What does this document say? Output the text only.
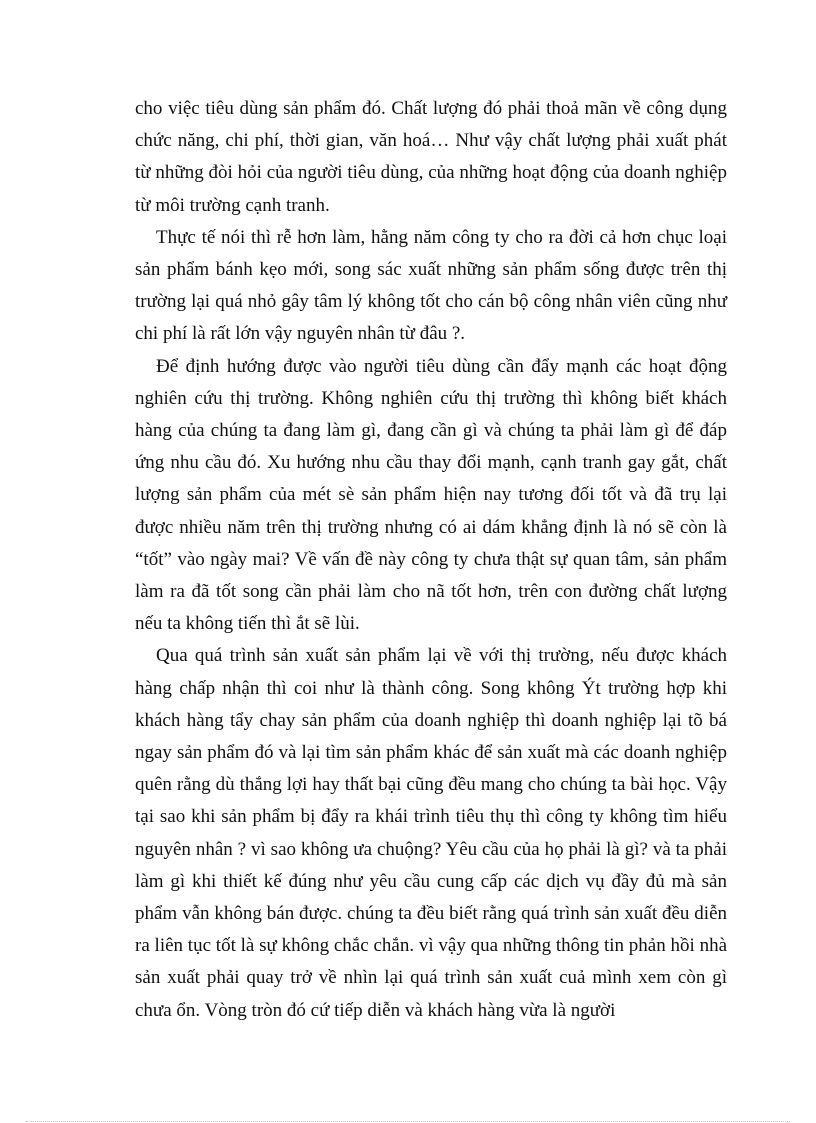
cho việc tiêu dùng sản phẩm đó. Chất lượng đó phải thoả mãn về công dụng chức năng, chi phí, thời gian, văn hoá… Như vậy chất lượng phải xuất phát từ những đòi hỏi của người tiêu dùng, của những hoạt động của doanh nghiệp từ môi trường cạnh tranh.

Thực tế nói thì rễ hơn làm, hằng năm công ty cho ra đời cả hơn chục loại sản phẩm bánh kẹo mới, song sác xuất những sản phẩm sống được trên thị trường lại quá nhỏ gây tâm lý không tốt cho cán bộ công nhân viên cũng như chi phí là rất lớn vậy nguyên nhân từ đâu ?.

Để định hướng được vào người tiêu dùng cần đẩy mạnh các hoạt động nghiên cứu thị trường. Không nghiên cứu thị trường thì không biết khách hàng của chúng ta đang làm gì, đang cần gì và chúng ta phải làm gì để đáp ứng nhu cầu đó. Xu hướng nhu cầu thay đổi mạnh, cạnh tranh gay gắt, chất lượng sản phẩm của mét sè sản phẩm hiện nay tương đối tốt và đã trụ lại được nhiều năm trên thị trường nhưng có ai dám khẳng định là nó sẽ còn là “tốt” vào ngày mai? Về vấn đề này công ty chưa thật sự quan tâm, sản phẩm làm ra đã tốt song cần phải làm cho nã tốt hơn, trên con đường chất lượng nếu ta không tiến thì ắt sẽ lùi.

Qua quá trình sản xuất sản phẩm lại về với thị trường, nếu được khách hàng chấp nhận thì coi như là thành công. Song không Ýt trường hợp khi khách hàng tẩy chay sản phẩm của doanh nghiệp thì doanh nghiệp lại tõ bá ngay sản phẩm đó và lại tìm sản phẩm khác để sản xuất mà các doanh nghiệp quên rằng dù thắng lợi hay thất bại cũng đều mang cho chúng ta bài học. Vậy tại sao khi sản phẩm bị đẩy ra khái trình tiêu thụ thì công ty không tìm hiểu nguyên nhân ? vì sao không ưa chuộng? Yêu cầu của họ phải là gì? và ta phải làm gì khi thiết kế đúng như yêu cầu cung cấp các dịch vụ đầy đủ mà sản phẩm vẫn không bán được. chúng ta đều biết rằng quá trình sản xuất đều diễn ra liên tục tốt là sự không chắc chắn. vì vậy qua những thông tin phản hồi nhà sản xuất phải quay trở về nhìn lại quá trình sản xuất cuả mình xem còn gì chưa ổn. Vòng tròn đó cứ tiếp diễn và khách hàng vừa là người
